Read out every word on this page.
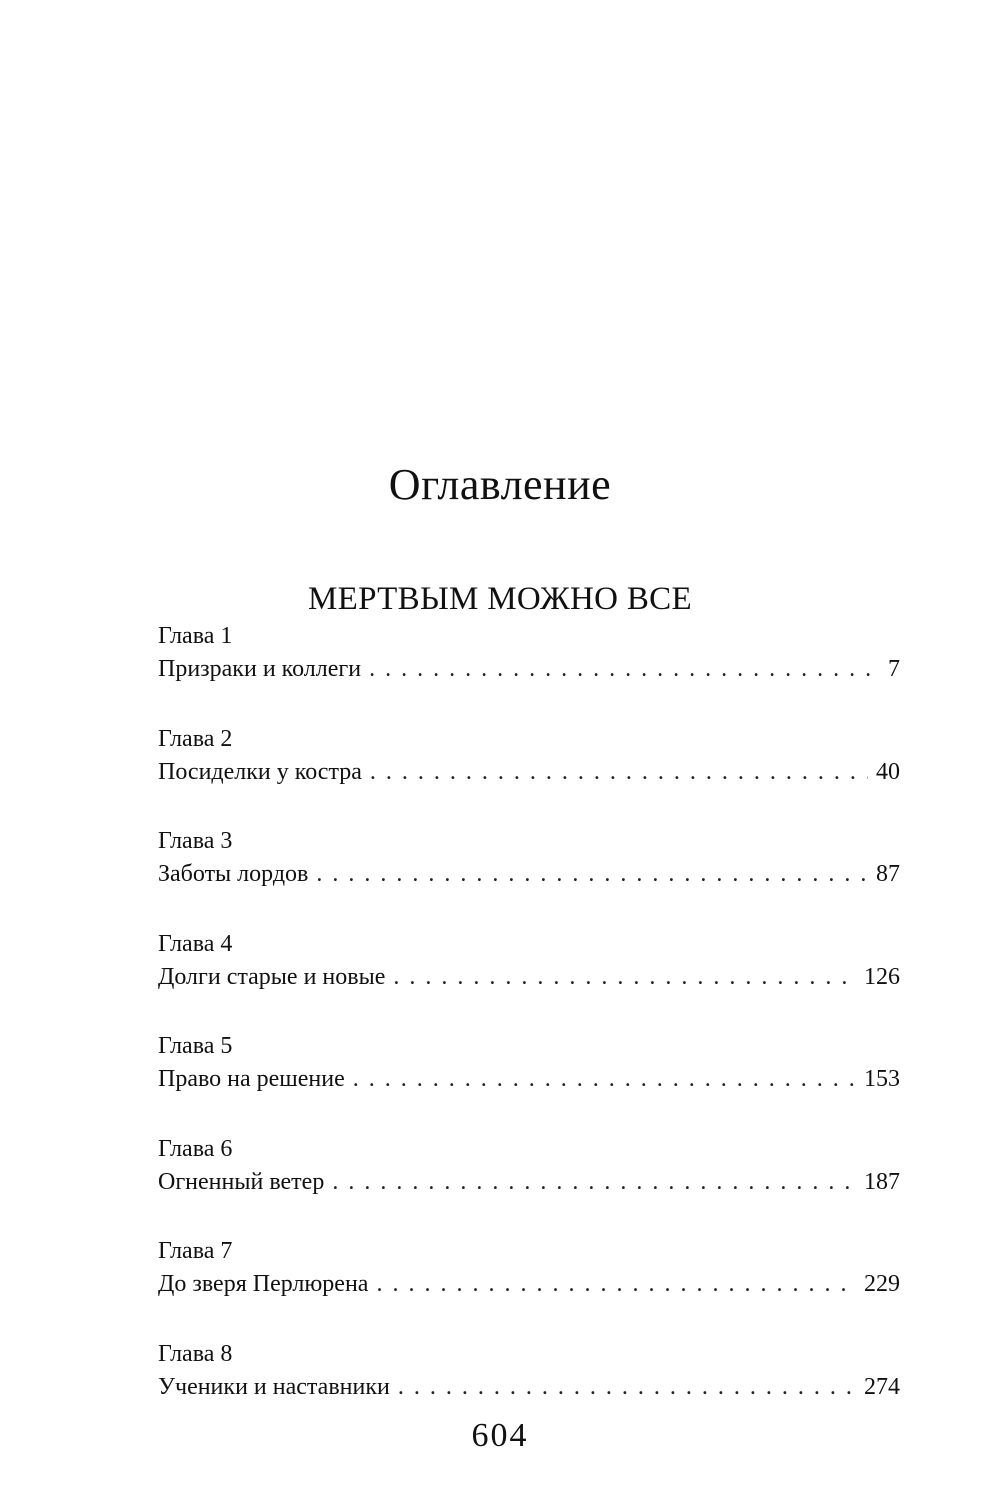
Оглавление
МЕРТВЫМ МОЖНО ВСЕ
Глава 1
Призраки и коллеги . . .	7
Глава 2
Посиделки у костра . . .	40
Глава 3
Заботы лордов . . .	87
Глава 4
Долги старые и новые . . .	126
Глава 5
Право на решение . . .	153
Глава 6
Огненный ветер . . .	187
Глава 7
До зверя Перлюрена . . .	229
Глава 8
Ученики и наставники . . .	274
604
